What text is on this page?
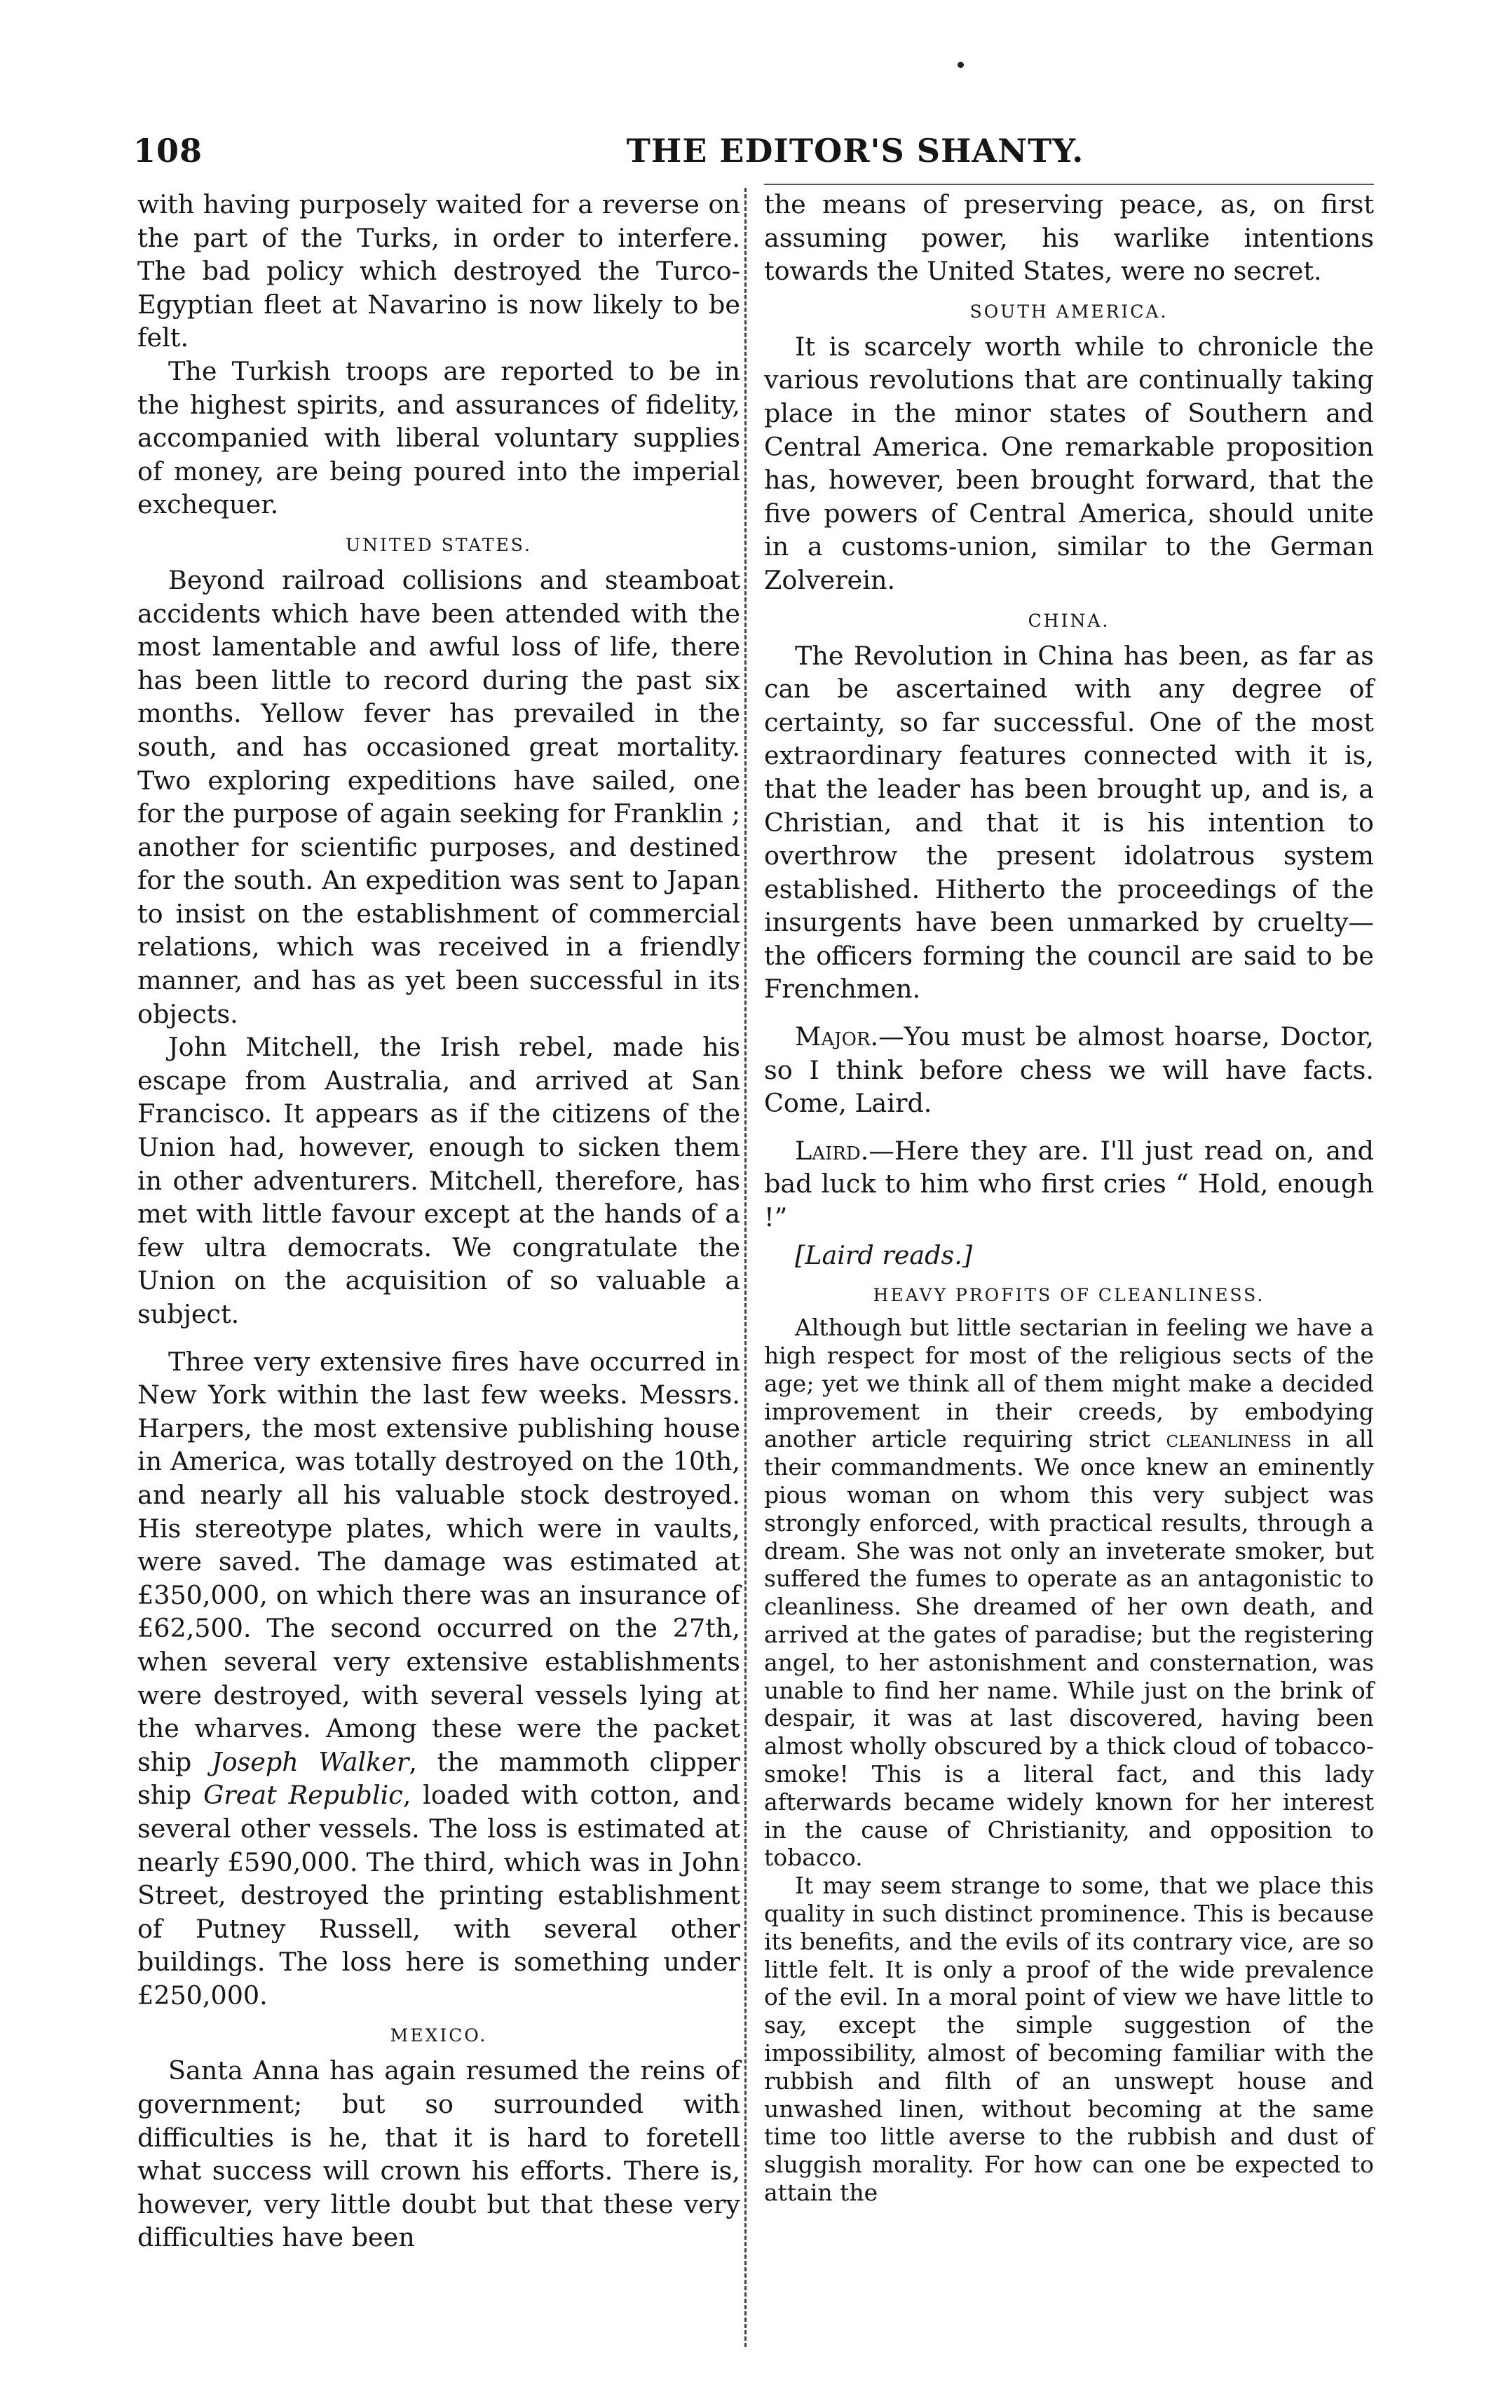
108	THE EDITOR'S SHANTY.

with having purposely waited for a reverse on the part of the Turks, in order to interfere. The bad policy which destroyed the Turco-Egyptian fleet at Navarino is now likely to be felt.

The Turkish troops are reported to be in the highest spirits, and assurances of fidelity, accompanied with liberal voluntary supplies of money, are being poured into the imperial exchequer.

UNITED STATES.

Beyond railroad collisions and steamboat accidents which have been attended with the most lamentable and awful loss of life, there has been little to record during the past six months. Yellow fever has prevailed in the south, and has occasioned great mortality. Two exploring expeditions have sailed, one for the purpose of again seeking for Franklin ; another for scientific purposes, and destined for the south. An expedition was sent to Japan to insist on the establishment of commercial relations, which was received in a friendly manner, and has as yet been successful in its objects.

John Mitchell, the Irish rebel, made his escape from Australia, and arrived at San Francisco. It appears as if the citizens of the Union had, however, enough to sicken them in other adventurers. Mitchell, therefore, has met with little favour except at the hands of a few ultra democrats. We congratulate the Union on the acquisition of so valuable a subject.

Three very extensive fires have occurred in New York within the last few weeks. Messrs. Harpers, the most extensive publishing house in America, was totally destroyed on the 10th, and nearly all his valuable stock destroyed. His stereotype plates, which were in vaults, were saved. The damage was estimated at £350,000, on which there was an insurance of £62,500. The second occurred on the 27th, when several very extensive establishments were destroyed, with several vessels lying at the wharves. Among these were the packet ship Joseph Walker, the mammoth clipper ship Great Republic, loaded with cotton, and several other vessels. The loss is estimated at nearly £590,000. The third, which was in John Street, destroyed the printing establishment of Putney Russell, with several other buildings. The loss here is something under £250,000.

MEXICO.

Santa Anna has again resumed the reins of government; but so surrounded with difficulties is he, that it is hard to foretell what success will crown his efforts. There is, however, very little doubt but that these very difficulties have been

the means of preserving peace, as, on first assuming power, his warlike intentions towards the United States, were no secret.

SOUTH AMERICA.

It is scarcely worth while to chronicle the various revolutions that are continually taking place in the minor states of Southern and Central America. One remarkable proposition has, however, been brought forward, that the five powers of Central America, should unite in a customs-union, similar to the German Zolverein.

CHINA.

The Revolution in China has been, as far as can be ascertained with any degree of certainty, so far successful. One of the most extraordinary features connected with it is, that the leader has been brought up, and is, a Christian, and that it is his intention to overthrow the present idolatrous system established. Hitherto the proceedings of the insurgents have been unmarked by cruelty—the officers forming the council are said to be Frenchmen.

Major.—You must be almost hoarse, Doctor, so I think before chess we will have facts. Come, Laird.

Laird.—Here they are. I'll just read on, and bad luck to him who first cries “ Hold, enough !”

[Laird reads.]

HEAVY PROFITS OF CLEANLINESS.

Although but little sectarian in feeling we have a high respect for most of the religious sects of the age; yet we think all of them might make a decided improvement in their creeds, by embodying another article requiring strict cleanliness in all their commandments. We once knew an eminently pious woman on whom this very subject was strongly enforced, with practical results, through a dream. She was not only an inveterate smoker, but suffered the fumes to operate as an antagonistic to cleanliness. She dreamed of her own death, and arrived at the gates of paradise; but the registering angel, to her astonishment and consternation, was unable to find her name. While just on the brink of despair, it was at last discovered, having been almost wholly obscured by a thick cloud of tobacco-smoke! This is a literal fact, and this lady afterwards became widely known for her interest in the cause of Christianity, and opposition to tobacco.

It may seem strange to some, that we place this quality in such distinct prominence. This is because its benefits, and the evils of its contrary vice, are so little felt. It is only a proof of the wide prevalence of the evil. In a moral point of view we have little to say, except the simple suggestion of the impossibility, almost of becoming familiar with the rubbish and filth of an unswept house and unwashed linen, without becoming at the same time too little averse to the rubbish and dust of sluggish morality. For how can one be expected to attain the
